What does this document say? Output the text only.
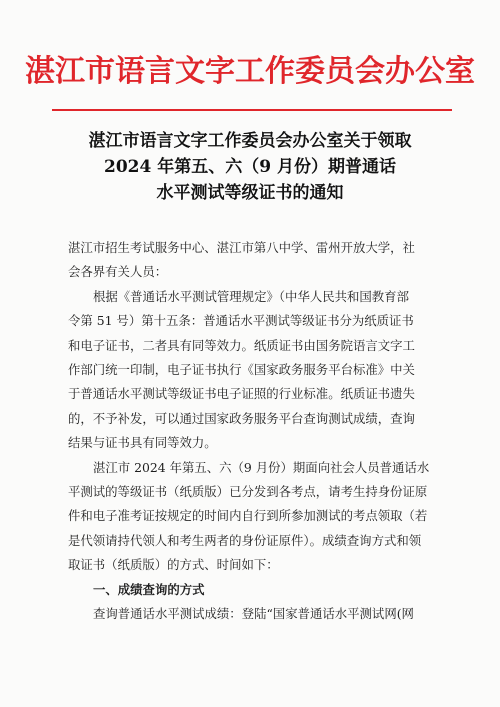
湛江市语言文字工作委员会办公室
湛江市语言文字工作委员会办公室关于领取
2024 年第五、六（9 月份）期普通话
水平测试等级证书的通知
湛江市招生考试服务中心、湛江市第八中学、雷州开放大学，社
会各界有关人员：
根据《普通话水平测试管理规定》（中华人民共和国教育部
令第 51 号）第十五条：普通话水平测试等级证书分为纸质证书
和电子证书，二者具有同等效力。纸质证书由国务院语言文字工
作部门统一印制，电子证书执行《国家政务服务平台标准》中关
于普通话水平测试等级证书电子证照的行业标准。纸质证书遗失
的，不予补发，可以通过国家政务服务平台查询测试成绩，查询
结果与证书具有同等效力。
湛江市 2024 年第五、六（9 月份）期面向社会人员普通话水
平测试的等级证书（纸质版）已分发到各考点，请考生持身份证原
件和电子准考证按规定的时间内自行到所参加测试的考点领取（若
是代领请持代领人和考生两者的身份证原件）。成绩查询方式和领
取证书（纸质版）的方式、时间如下：
一、成绩查询的方式
查询普通话水平测试成绩：登陆“国家普通话水平测试网(网
